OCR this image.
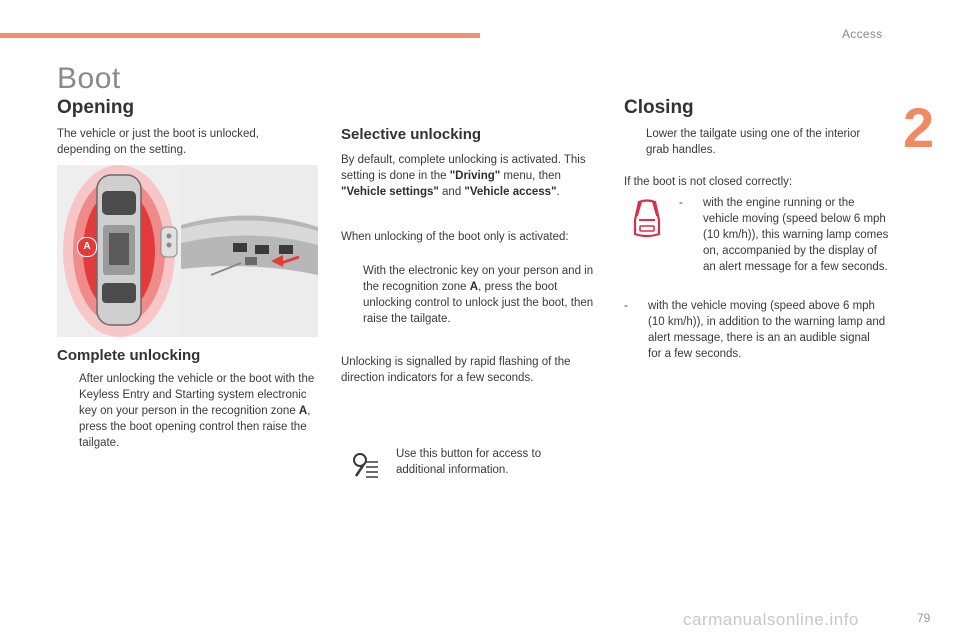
Access
2
79
Boot
Opening
The vehicle or just the boot is unlocked, depending on the setting.
A
Complete unlocking
After unlocking the vehicle or the boot with the Keyless Entry and Starting system electronic key on your person in the recognition zone A, press the boot opening control then raise the tailgate.
Selective unlocking
By default, complete unlocking is activated. This setting is done in the "Driving" menu, then "Vehicle settings" and "Vehicle access".
When unlocking of the boot only is activated:
With the electronic key on your person and in the recognition zone A, press the boot unlocking control to unlock just the boot, then raise the tailgate.
Unlocking is signalled by rapid flashing of the direction indicators for a few seconds.
Use this button for access to additional information.
Closing
Lower the tailgate using one of the interior grab handles.
If the boot is not closed correctly:
- with the engine running or the vehicle moving (speed below 6 mph (10 km/h)), this warning lamp comes on, accompanied by the display of an alert message for a few seconds.
- with the vehicle moving (speed above 6 mph (10 km/h)), in addition to the warning lamp and alert message, there is an an audible signal for a few seconds.
carmanualsonline.info
